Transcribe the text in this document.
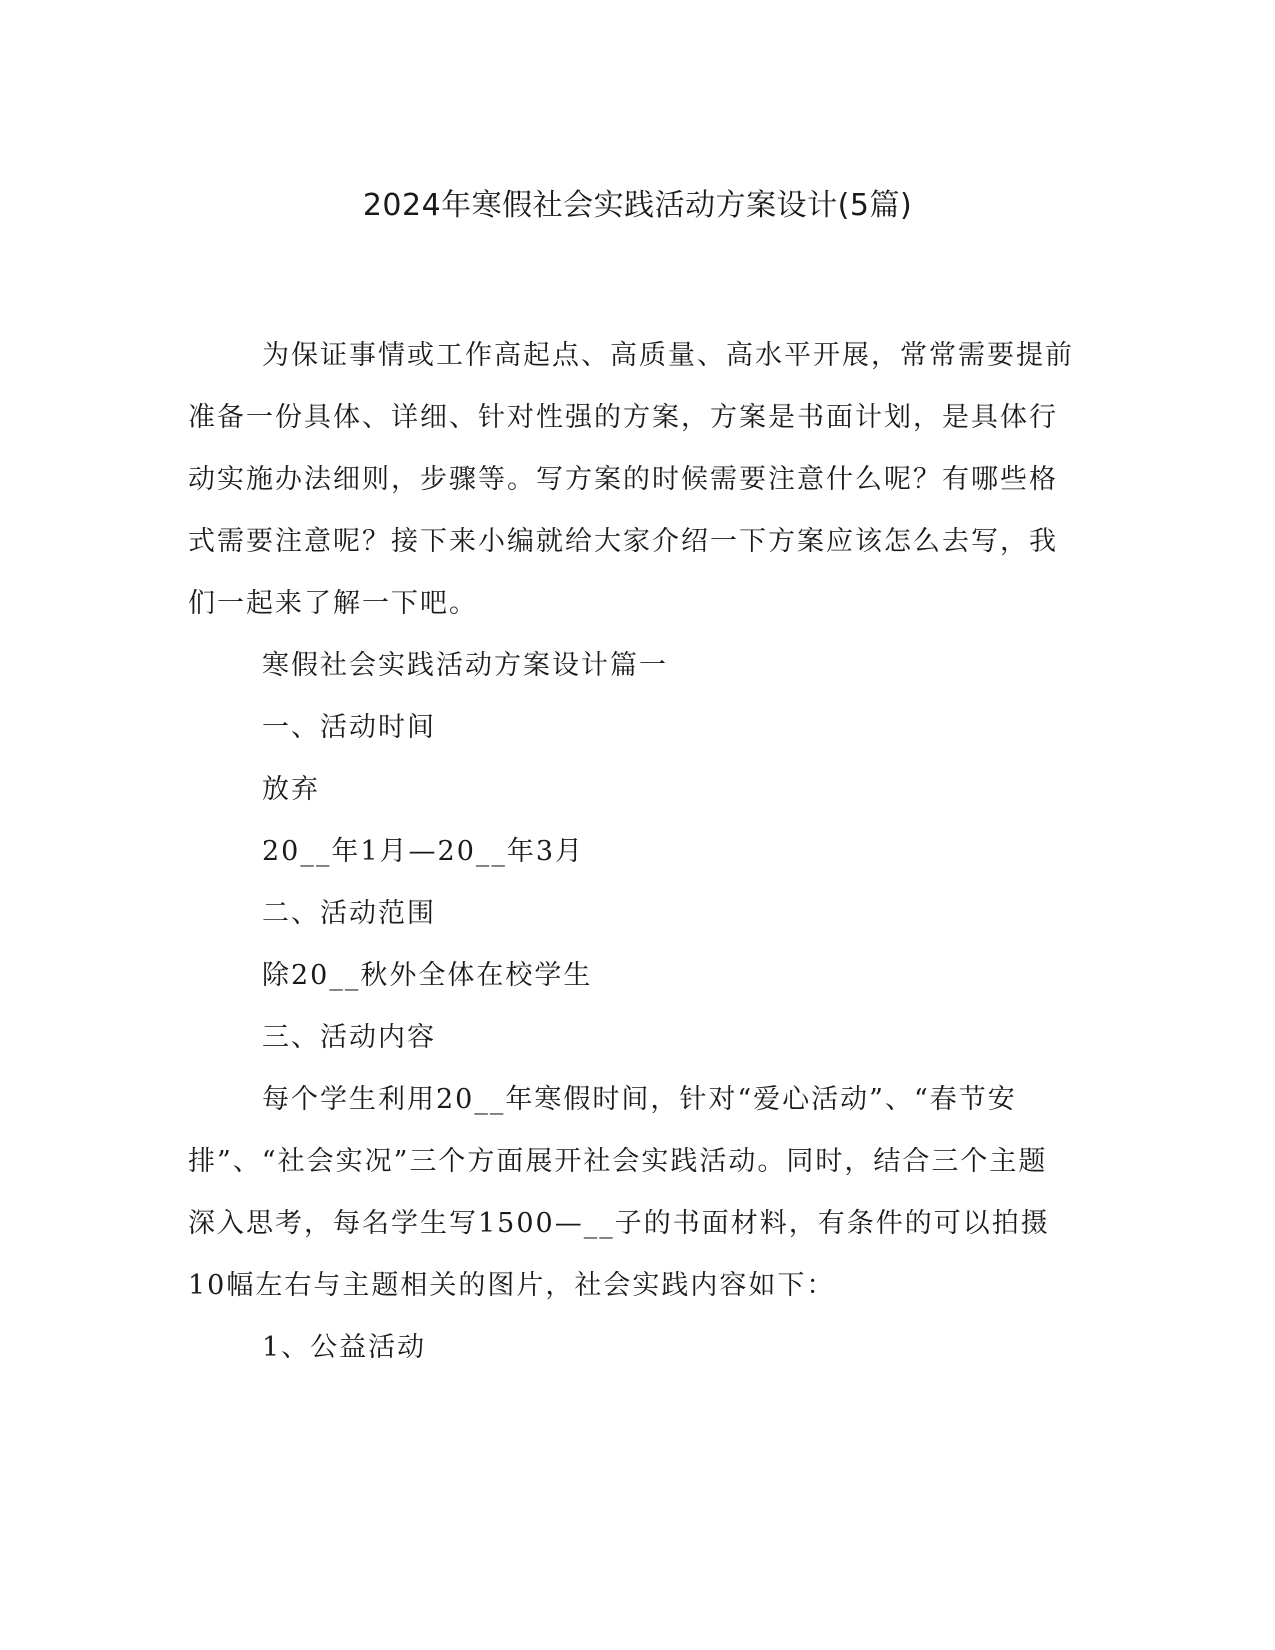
2024年寒假社会实践活动方案设计(5篇)

为保证事情或工作高起点、高质量、高水平开展，常常需要提前准备一份具体、详细、针对性强的方案，方案是书面计划，是具体行动实施办法细则，步骤等。写方案的时候需要注意什么呢？有哪些格式需要注意呢？接下来小编就给大家介绍一下方案应该怎么去写，我们一起来了解一下吧。

寒假社会实践活动方案设计篇一

一、活动时间

放弃

20__年1月—20__年3月

二、活动范围

除20__秋外全体在校学生

三、活动内容

每个学生利用20__年寒假时间，针对“爱心活动”、“春节安排”、“社会实况”三个方面展开社会实践活动。同时，结合三个主题深入思考，每名学生写1500—__子的书面材料，有条件的可以拍摄10幅左右与主题相关的图片，社会实践内容如下：

1、公益活动
